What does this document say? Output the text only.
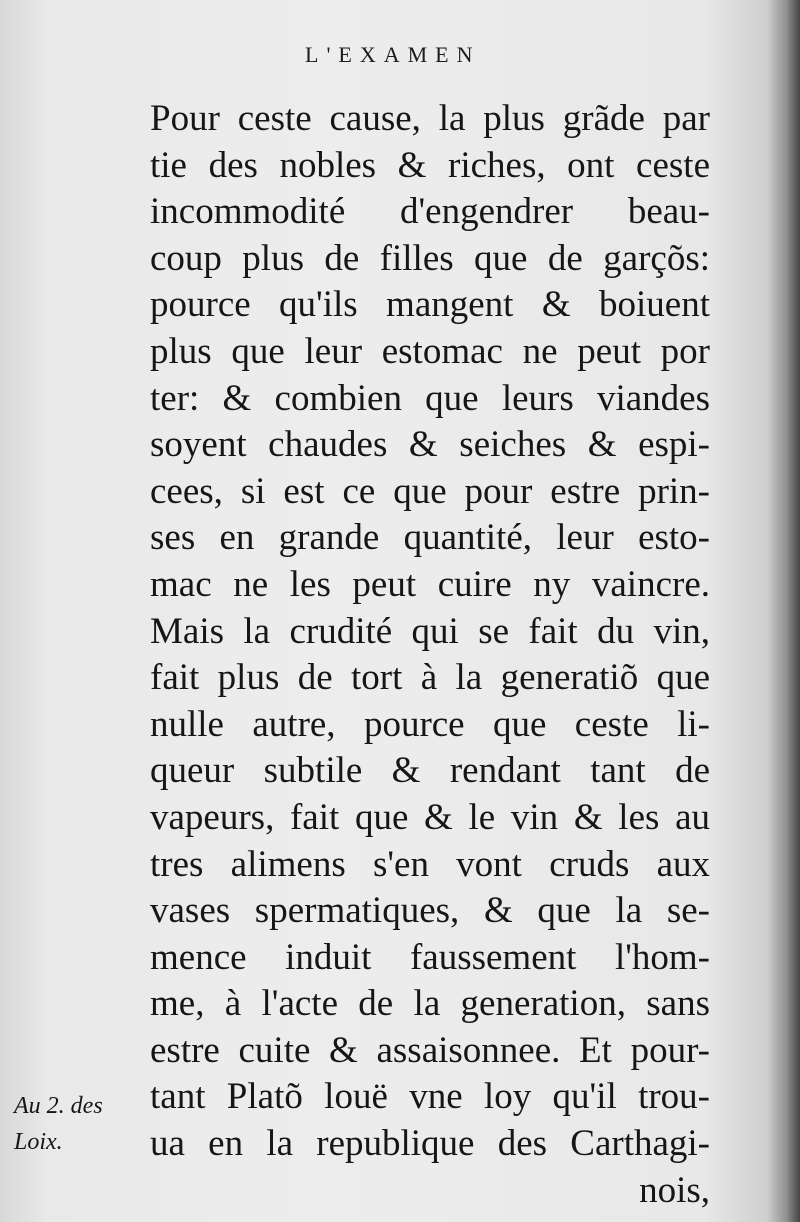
L'EXAMEN
Pour ceste cause, la plus grãde par
tie des nobles & riches, ont ceste
incommodité d'engendrer beau-
coup plus de filles que de garçõs:
pource qu'ils mangent & boiuent
plus que leur estomac ne peut por
ter: & combien que leurs viandes
soyent chaudes & seiches & espi-
cees, si est ce que pour estre prin-
ses en grande quantité, leur esto-
mac ne les peut cuire ny vaincre.
Mais la crudité qui se fait du vin,
fait plus de tort à la generatiõ que
nulle autre, pource que ceste li-
queur subtile & rendant tant de
vapeurs, fait que & le vin & les au
tres alimens s'en vont cruds aux
vases spermatiques, & que la se-
mence induit faussement l'hom-
me, à l'acte de la generation, sans
estre cuite & assaisonnee. Et pour-
tant Platõ louë vne loy qu'il trou-
ua en la republique des Carthagi-
nois,
Au 2. des
Loix.
